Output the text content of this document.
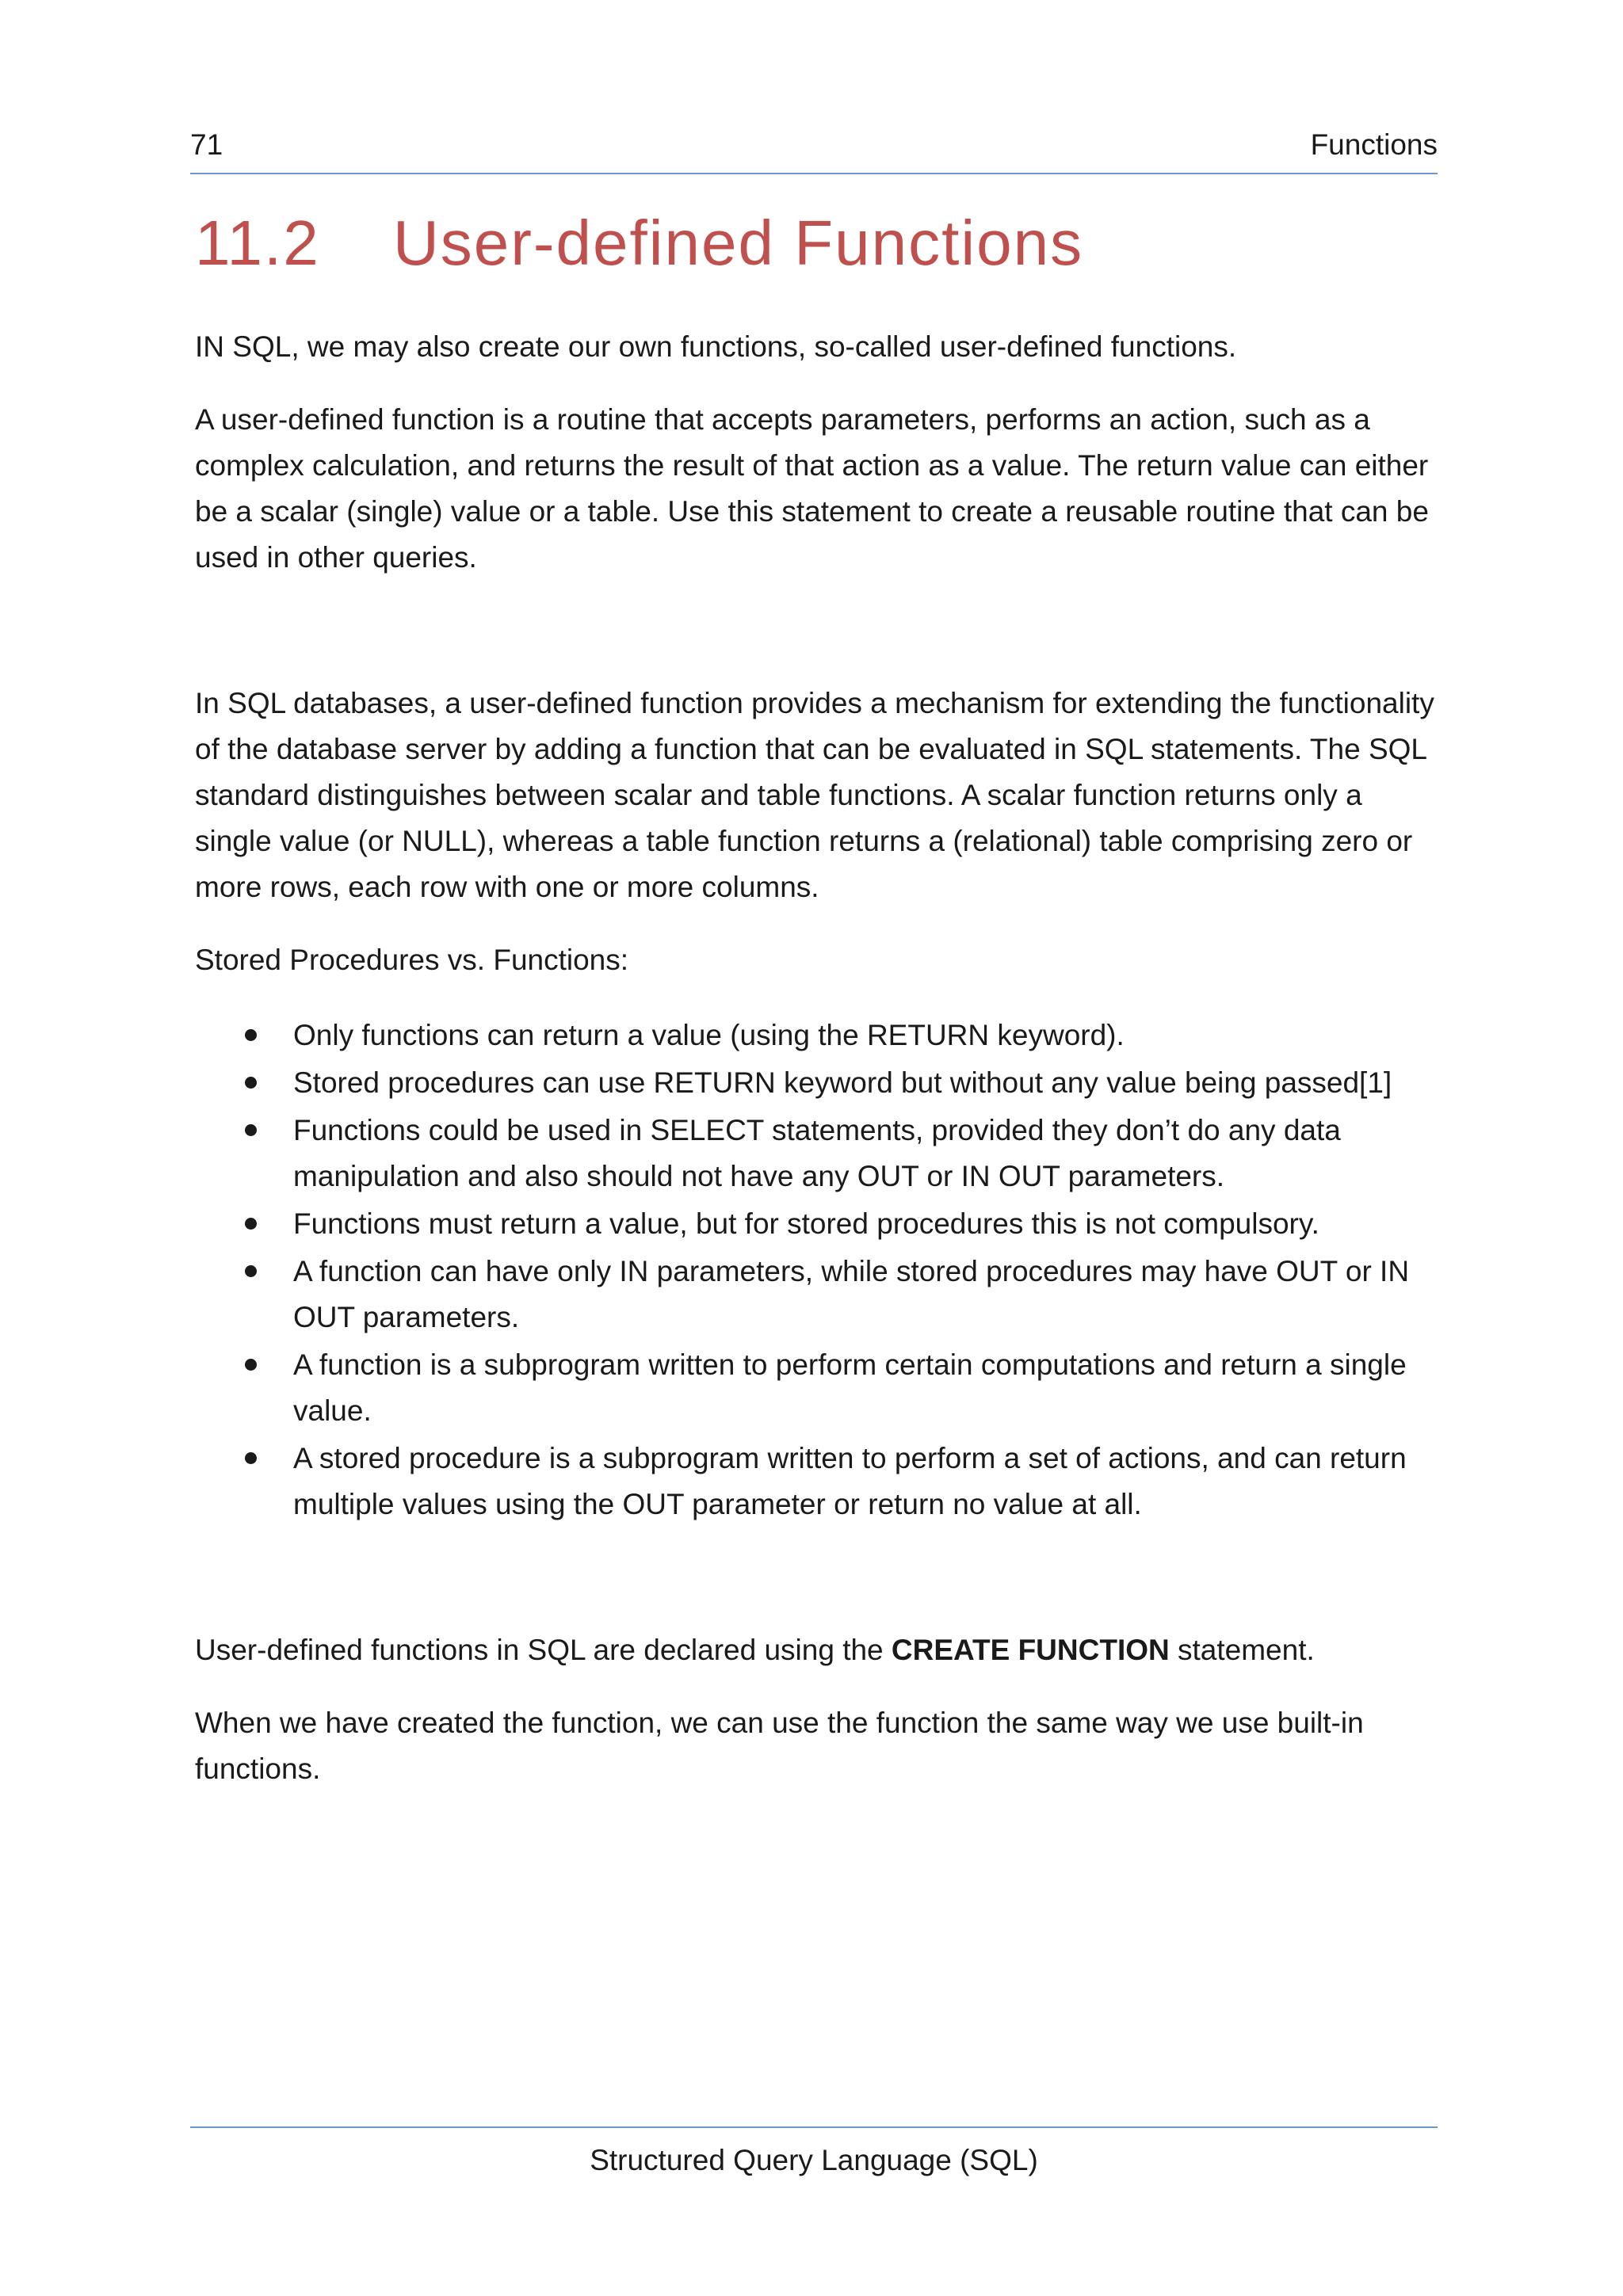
71	Functions
11.2	User-defined Functions

IN SQL, we may also create our own functions, so-called user-defined functions.

A user-defined function is a routine that accepts parameters, performs an action, such as a complex calculation, and returns the result of that action as a value. The return value can either be a scalar (single) value or a table. Use this statement to create a reusable routine that can be used in other queries.

In SQL databases, a user-defined function provides a mechanism for extending the functionality of the database server by adding a function that can be evaluated in SQL statements. The SQL standard distinguishes between scalar and table functions. A scalar function returns only a single value (or NULL), whereas a table function returns a (relational) table comprising zero or more rows, each row with one or more columns.

Stored Procedures vs. Functions:

Only functions can return a value (using the RETURN keyword).
Stored procedures can use RETURN keyword but without any value being passed[1]
Functions could be used in SELECT statements, provided they don’t do any data manipulation and also should not have any OUT or IN OUT parameters.
Functions must return a value, but for stored procedures this is not compulsory.
A function can have only IN parameters, while stored procedures may have OUT or IN OUT parameters.
A function is a subprogram written to perform certain computations and return a single value.
A stored procedure is a subprogram written to perform a set of actions, and can return multiple values using the OUT parameter or return no value at all.

User-defined functions in SQL are declared using the CREATE FUNCTION statement.

When we have created the function, we can use the function the same way we use built-in functions.

Structured Query Language (SQL)
